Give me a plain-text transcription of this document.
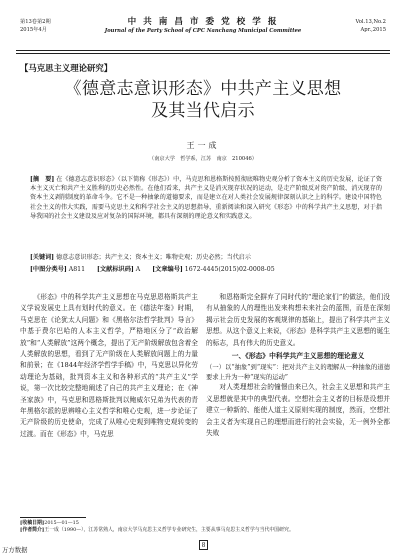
第13卷第2期
2015年4月
中 共 南 昌 市 委 党 校 学 报
Journal of the Party School of CPC Nanchang Municipal Committee
Vol.13,No.2
Apr.,2015
【马克思主义理论研究】
《德意志意识形态》中共产主义思想
及其当代启示
王一成
（南京大学　哲学系，江苏　南京　210046）
[摘　要] 在《德意志意识形态》（以下简称《形态》）中，马克思和恩格斯按照彻底唯物史观分析了资本主义的历史发展，论证了资本主义灭亡和共产主义胜利的历史必然性。在他们看来，共产主义是消灭现存状况的运动，是走产阶级反对资产阶级、消灭现存的资本主义剥削制度的革命斗争。它不是一种抽象的道德要求，而是建立在对人类社会发展规律深刻认识之上的科学。建设中国特色社会主义的伟大实践，需要马克思主义和科学社会主义的思想指导，重新阅读和深入研究《形态》中的科学共产主义思想，对于指导我国的社会主义建设及应对复杂的国际环境，都具有深刻的理论意义和实践意义。
[关键词] 德意志意识形态；共产主义；资本主义；唯物史观；历史必然；当代启示
[中图分类号] A811 [文献标识码] A [文章编号] 1672-4445(2015)02-0008-05

《形态》中的科学共产主义思想在马克思恩格斯共产主义学说发展史上具有划时代的意义。在《德法年鉴》时期，马克思在《论犹太人问题》和《黑格尔法哲学批判》导言》中基于费尔巴哈的人本主义哲学，严格地区分了“政治解放”和“人类解放”这两个概念，提出了无产阶级解放包含着全人类解放的思想，看到了无产阶级在人类解放问题上的力量和前景；在《1844年经济学哲学手稿》中，马克思以异化劳动理论为基础，批判资本主义和各种形式的“共产主义”学说，第一次比较完整地阐述了自己的共产主义理论；在《神圣家族》中，马克思和恩格斯批判以鲍威尔兄弟为代表的青年黑格尔派的思辨唯心主义哲学和唯心史观，进一步论证了无产阶级的历史使命，完成了从唯心史观到唯物史观转变的过渡。而在《形态》中，马克思

和恩格斯完全摒弃了同时代的“理论家们”的做法，他们没有从抽象的人的理性出发来构想未来社会的蓝图，而是在深刻揭示社会历史发展的客观规律的基础上，提出了科学共产主义思想。从这个意义上来说，《形态》是科学共产主义思想的诞生的标志，具有伟大的历史意义。

一、《形态》中科学共产主义思想的理论意义

（一）以“抽象”到“现实”：把对共产主义的理解从一种抽象的道德要求上升为一种“现实的运动”

对人类理想社会的憧憬由来已久，社会主义思想和共产主义思想就是其中的典型代表。空想社会主义者的目标是设想并建立一种新的、能使人道主义原则实现的制度，然而，空想社会主义者为实现自己的理想而进行的社会实验，无一例外全都失败

[收稿日期]2015—01—15
[作者简介]王一成（1990—），江苏常熟人，南京大学马克思主义哲学专业研究生，主要从事马克思主义哲学与当代中国研究。
8
万方数据
